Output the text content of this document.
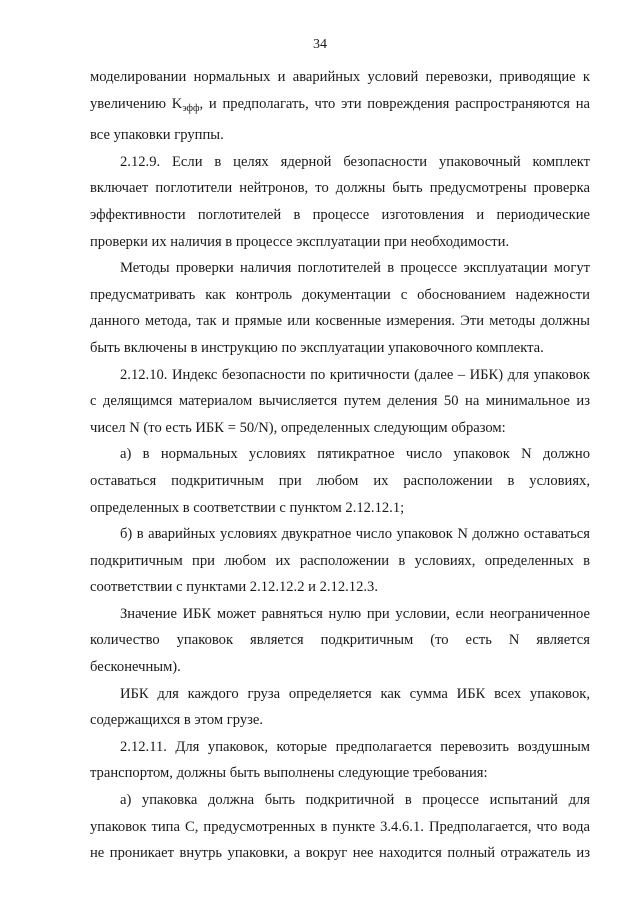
34
моделировании нормальных и аварийных условий перевозки, приводящие к
увеличению $K_{эфф}$, и предполагать, что эти повреждения распространяются на
все упаковки группы.
2.12.9. Если в целях ядерной безопасности упаковочный комплект
включает поглотители нейтронов, то должны быть предусмотрены проверка
эффективности поглотителей в процессе изготовления и периодические
проверки их наличия в процессе эксплуатации при необходимости.
Методы проверки наличия поглотителей в процессе эксплуатации могут
предусматривать как контроль документации с обоснованием надежности
данного метода, так и прямые или косвенные измерения. Эти методы должны
быть включены в инструкцию по эксплуатации упаковочного комплекта.
2.12.10. Индекс безопасности по критичности (далее – ИБК) для упаковок
с делящимся материалом вычисляется путем деления 50 на минимальное из
чисел N (то есть ИБК = 50/N), определенных следующим образом:
а) в нормальных условиях пятикратное число упаковок N должно
оставаться подкритичным при любом их расположении в условиях,
определенных в соответствии с пунктом 2.12.12.1;
б) в аварийных условиях двукратное число упаковок N должно оставаться
подкритичным при любом их расположении в условиях, определенных в
соответствии с пунктами 2.12.12.2 и 2.12.12.3.
Значение ИБК может равняться нулю при условии, если неограниченное
количество упаковок является подкритичным (то есть N является
бесконечным).
ИБК для каждого груза определяется как сумма ИБК всех упаковок,
содержащихся в этом грузе.
2.12.11. Для упаковок, которые предполагается перевозить воздушным
транспортом, должны быть выполнены следующие требования:
а) упаковка должна быть подкритичной в процессе испытаний для
упаковок типа C, предусмотренных в пункте 3.4.6.1. Предполагается, что вода
не проникает внутрь упаковки, а вокруг нее находится полный отражатель из
